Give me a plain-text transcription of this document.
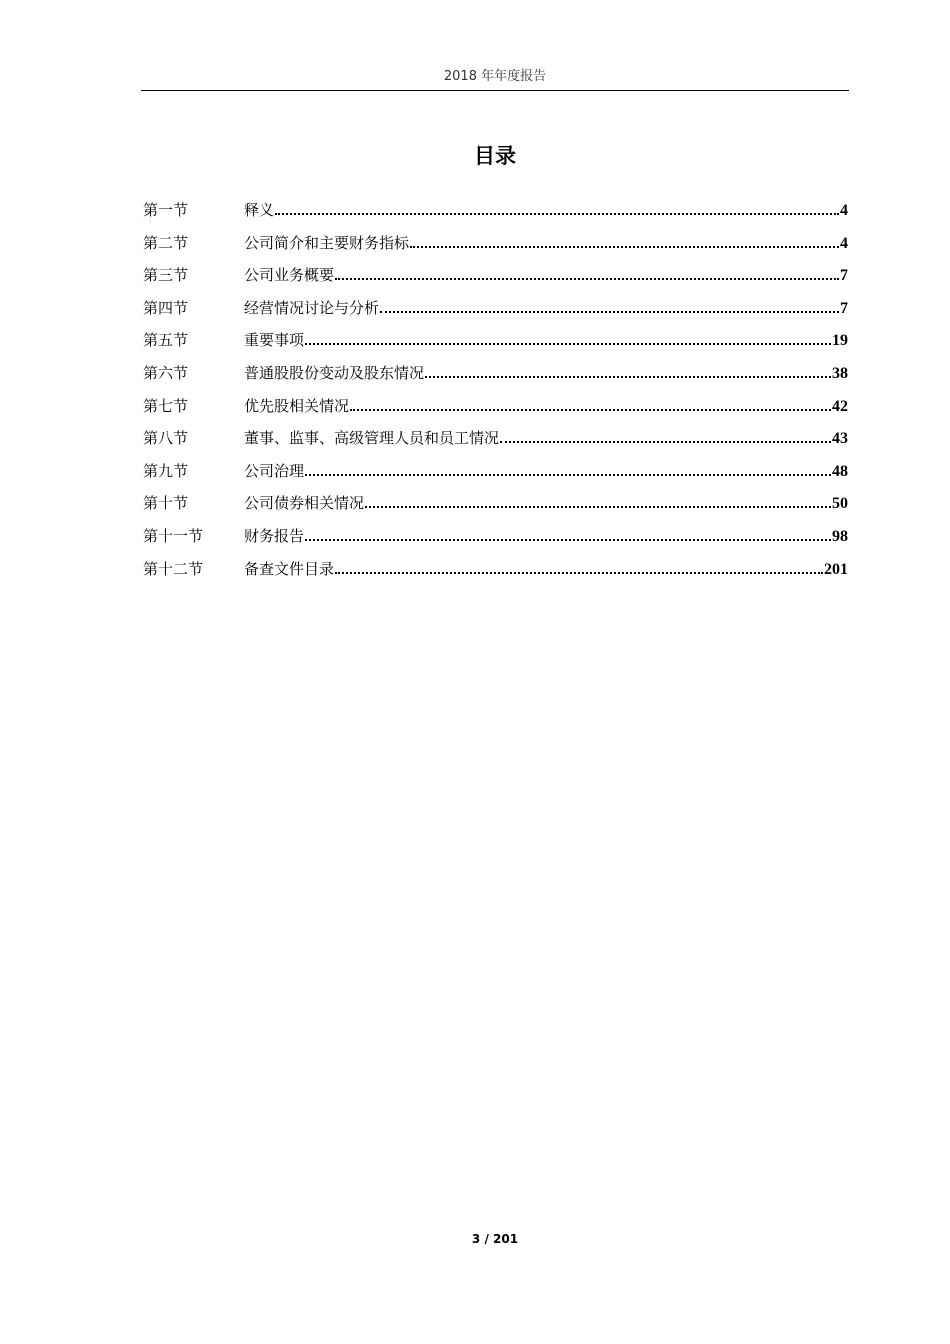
2018 年年度报告
目录
第一节	释义	4
第二节	公司简介和主要财务指标	4
第三节	公司业务概要	7
第四节	经营情况讨论与分析	7
第五节	重要事项	19
第六节	普通股股份变动及股东情况	38
第七节	优先股相关情况	42
第八节	董事、监事、高级管理人员和员工情况	43
第九节	公司治理	48
第十节	公司债券相关情况	50
第十一节	财务报告	98
第十二节	备查文件目录	201
3 / 201
